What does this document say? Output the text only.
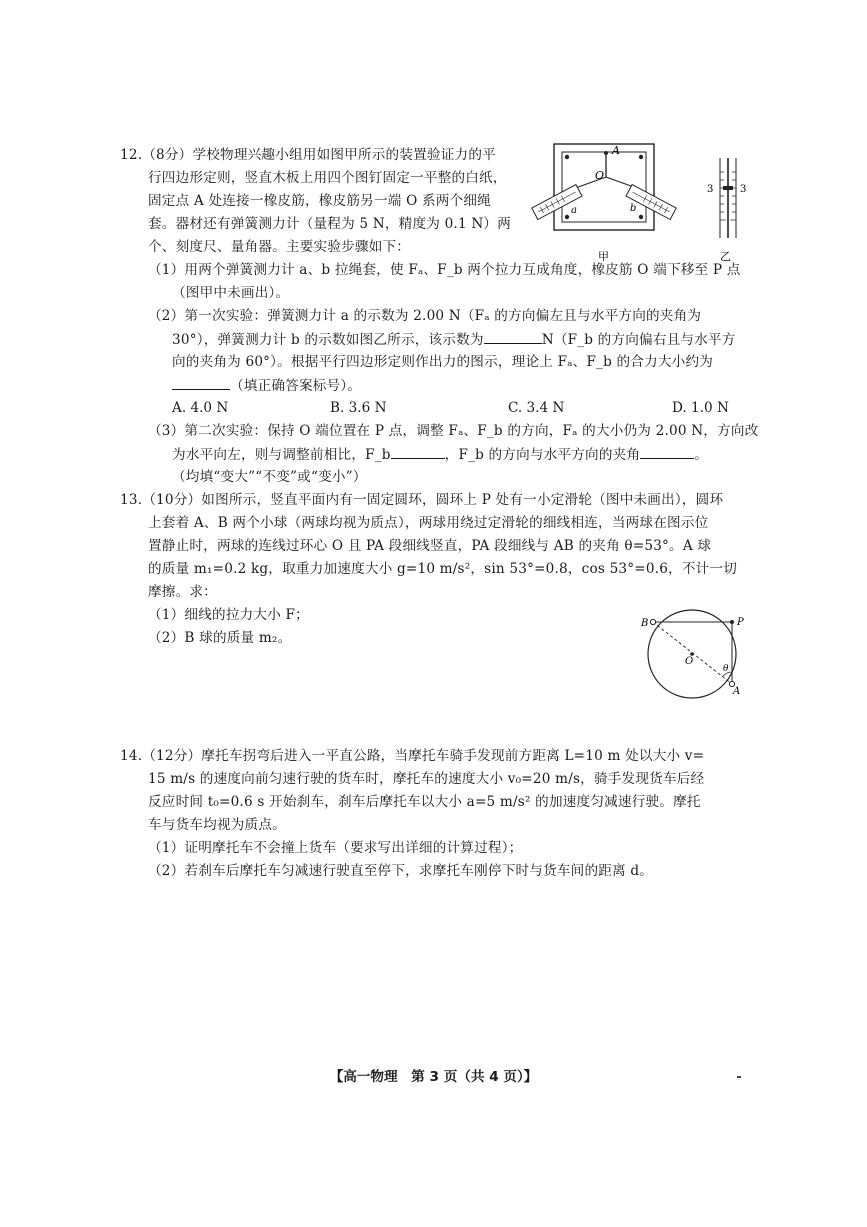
12.（8分）学校物理兴趣小组用如图甲所示的装置验证力的平
行四边形定则，竖直木板上用四个图钉固定一平整的白纸，
固定点 A 处连接一橡皮筋，橡皮筋另一端 O 系两个细绳
套。器材还有弹簧测力计（量程为 5 N，精度为 0.1 N）两
个、刻度尺、量角器。主要实验步骤如下：
（1）用两个弹簧测力计 a、b 拉绳套，使 Fₐ、F_b 两个拉力互成角度，橡皮筋 O 端下移至 P 点
（图甲中未画出）。
（2）第一次实验：弹簧测力计 a 的示数为 2.00 N（Fₐ 的方向偏左且与水平方向的夹角为
30°），弹簧测力计 b 的示数如图乙所示，该示数为	N（F_b 的方向偏右且与水平方
向的夹角为 60°）。根据平行四边形定则作出力的图示，理论上 Fₐ、F_b 的合力大小约为
（填正确答案标号）。
A. 4.0 N	B. 3.6 N	C. 3.4 N	D. 1.0 N
（3）第二次实验：保持 O 端位置在 P 点，调整 Fₐ、F_b 的方向，Fₐ 的大小仍为 2.00 N，方向改
为水平向左，则与调整前相比，F_b	，F_b 的方向与水平方向的夹角	。
（均填“变大”“不变”或“变小”）
A
O
a	b
甲
3	3
乙
13.（10分）如图所示，竖直平面内有一固定圆环，圆环上 P 处有一小定滑轮（图中未画出），圆环
上套着 A、B 两个小球（两球均视为质点），两球用绕过定滑轮的细线相连，当两球在图示位
置静止时，两球的连线过环心 O 且 PA 段细线竖直，PA 段细线与 AB 的夹角 θ=53°。A 球
的质量 m₁=0.2 kg，取重力加速度大小 g=10 m/s²，sin 53°=0.8，cos 53°=0.6，不计一切
摩擦。求：
（1）细线的拉力大小 F；
（2）B 球的质量 m₂。
B	P
O
θ
A
14.（12分）摩托车拐弯后进入一平直公路，当摩托车骑手发现前方距离 L=10 m 处以大小 v=
15 m/s 的速度向前匀速行驶的货车时，摩托车的速度大小 v₀=20 m/s，骑手发现货车后经
反应时间 t₀=0.6 s 开始刹车，刹车后摩托车以大小 a=5 m/s² 的加速度匀减速行驶。摩托
车与货车均视为质点。
（1）证明摩托车不会撞上货车（要求写出详细的计算过程）；
（2）若刹车后摩托车匀减速行驶直至停下，求摩托车刚停下时与货车间的距离 d。
【高一物理　第 3 页（共 4 页）】
